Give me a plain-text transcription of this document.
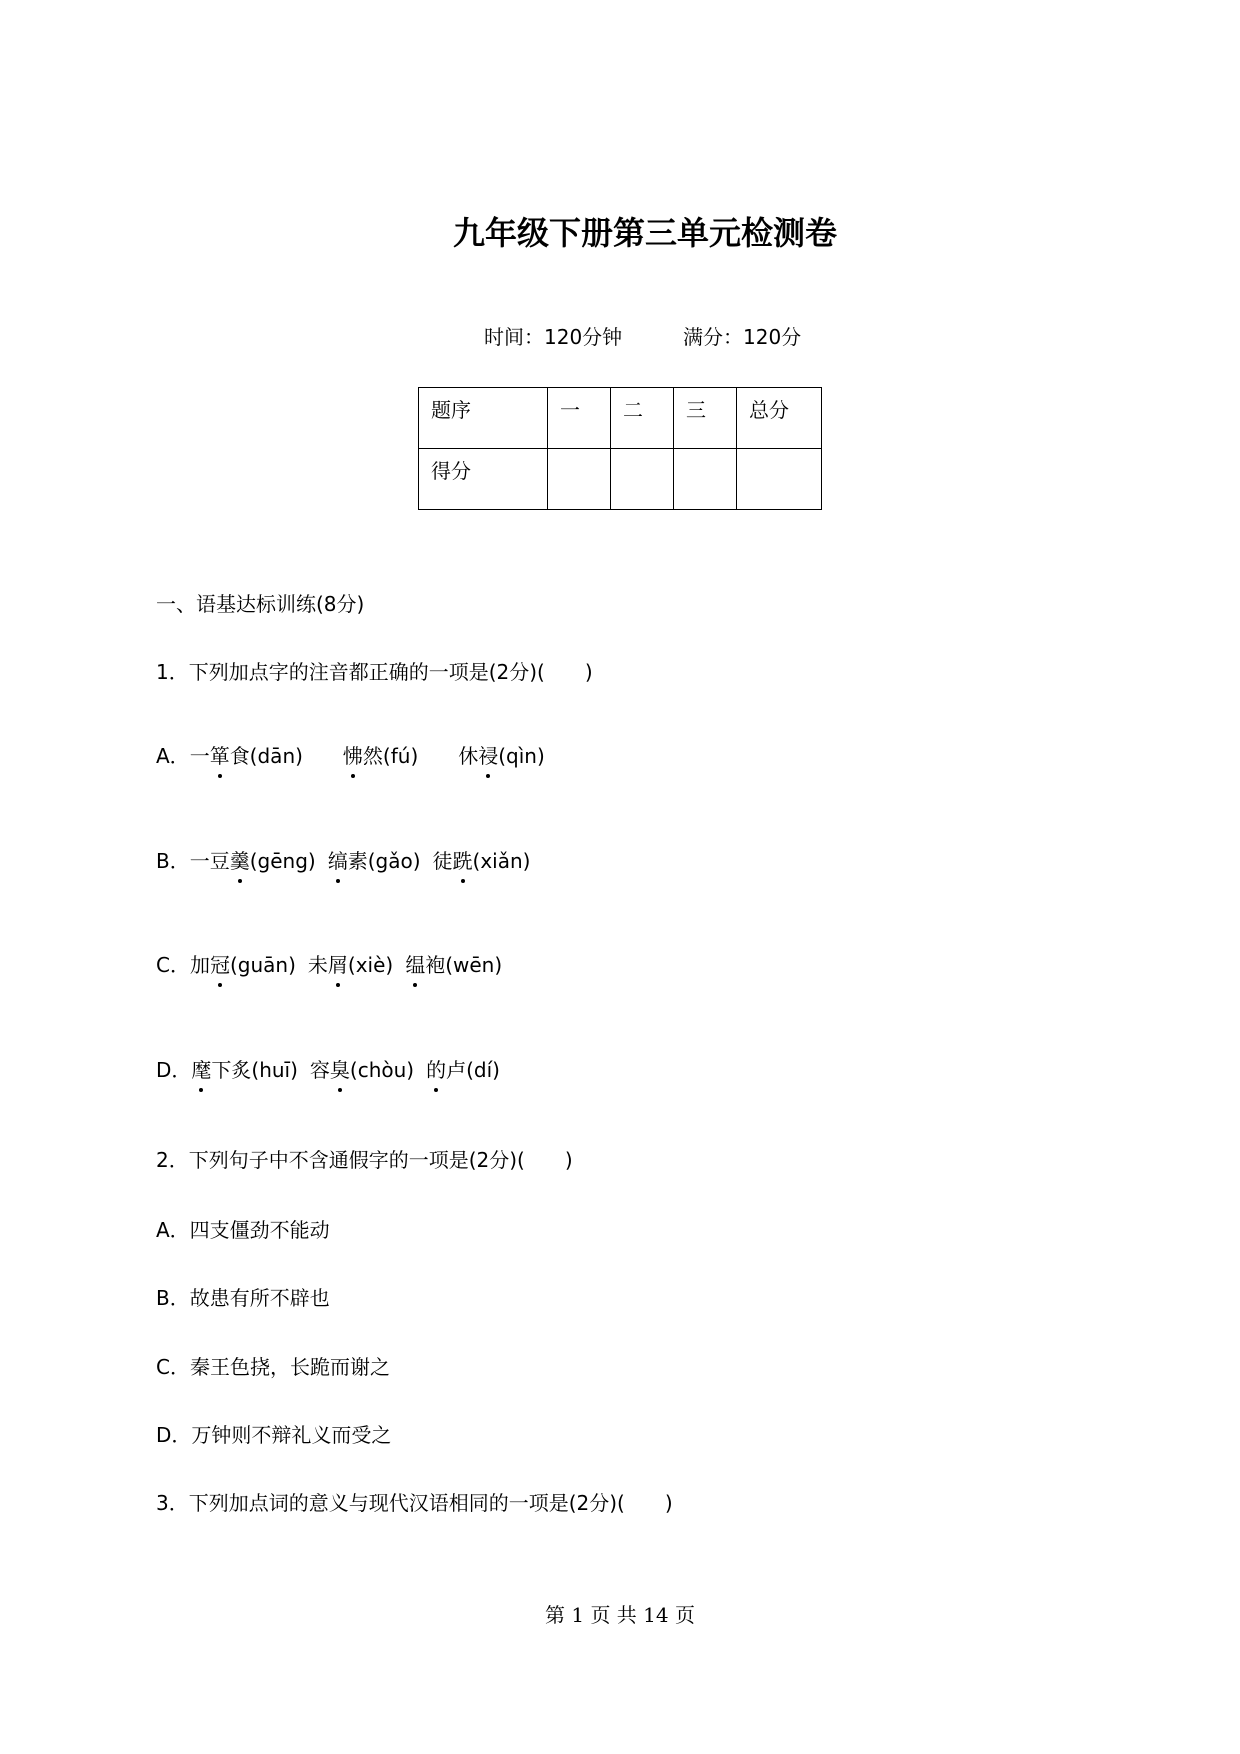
九年级下册第三单元检测卷
时间：120分钟	满分：120分
题序	一	二	三	总分
得分				
一、语基达标训练(8分)
1．下列加点字的注音都正确的一项是(2分)(　　)
A．一箪食(dān) 怫然(fú) 休祲(qìn)
B．一豆羹(gēng) 缟素(gǎo) 徒跣(xiǎn)
C．加冠(guān) 未屑(xiè) 缊袍(wēn)
D．麾下炙(huī) 容臭(chòu) 的卢(dí)
2．下列句子中不含通假字的一项是(2分)(　　)
A．四支僵劲不能动
B．故患有所不辟也
C．秦王色挠，长跪而谢之
D．万钟则不辩礼义而受之
3．下列加点词的意义与现代汉语相同的一项是(2分)(　　)
第 1 页 共 14 页
